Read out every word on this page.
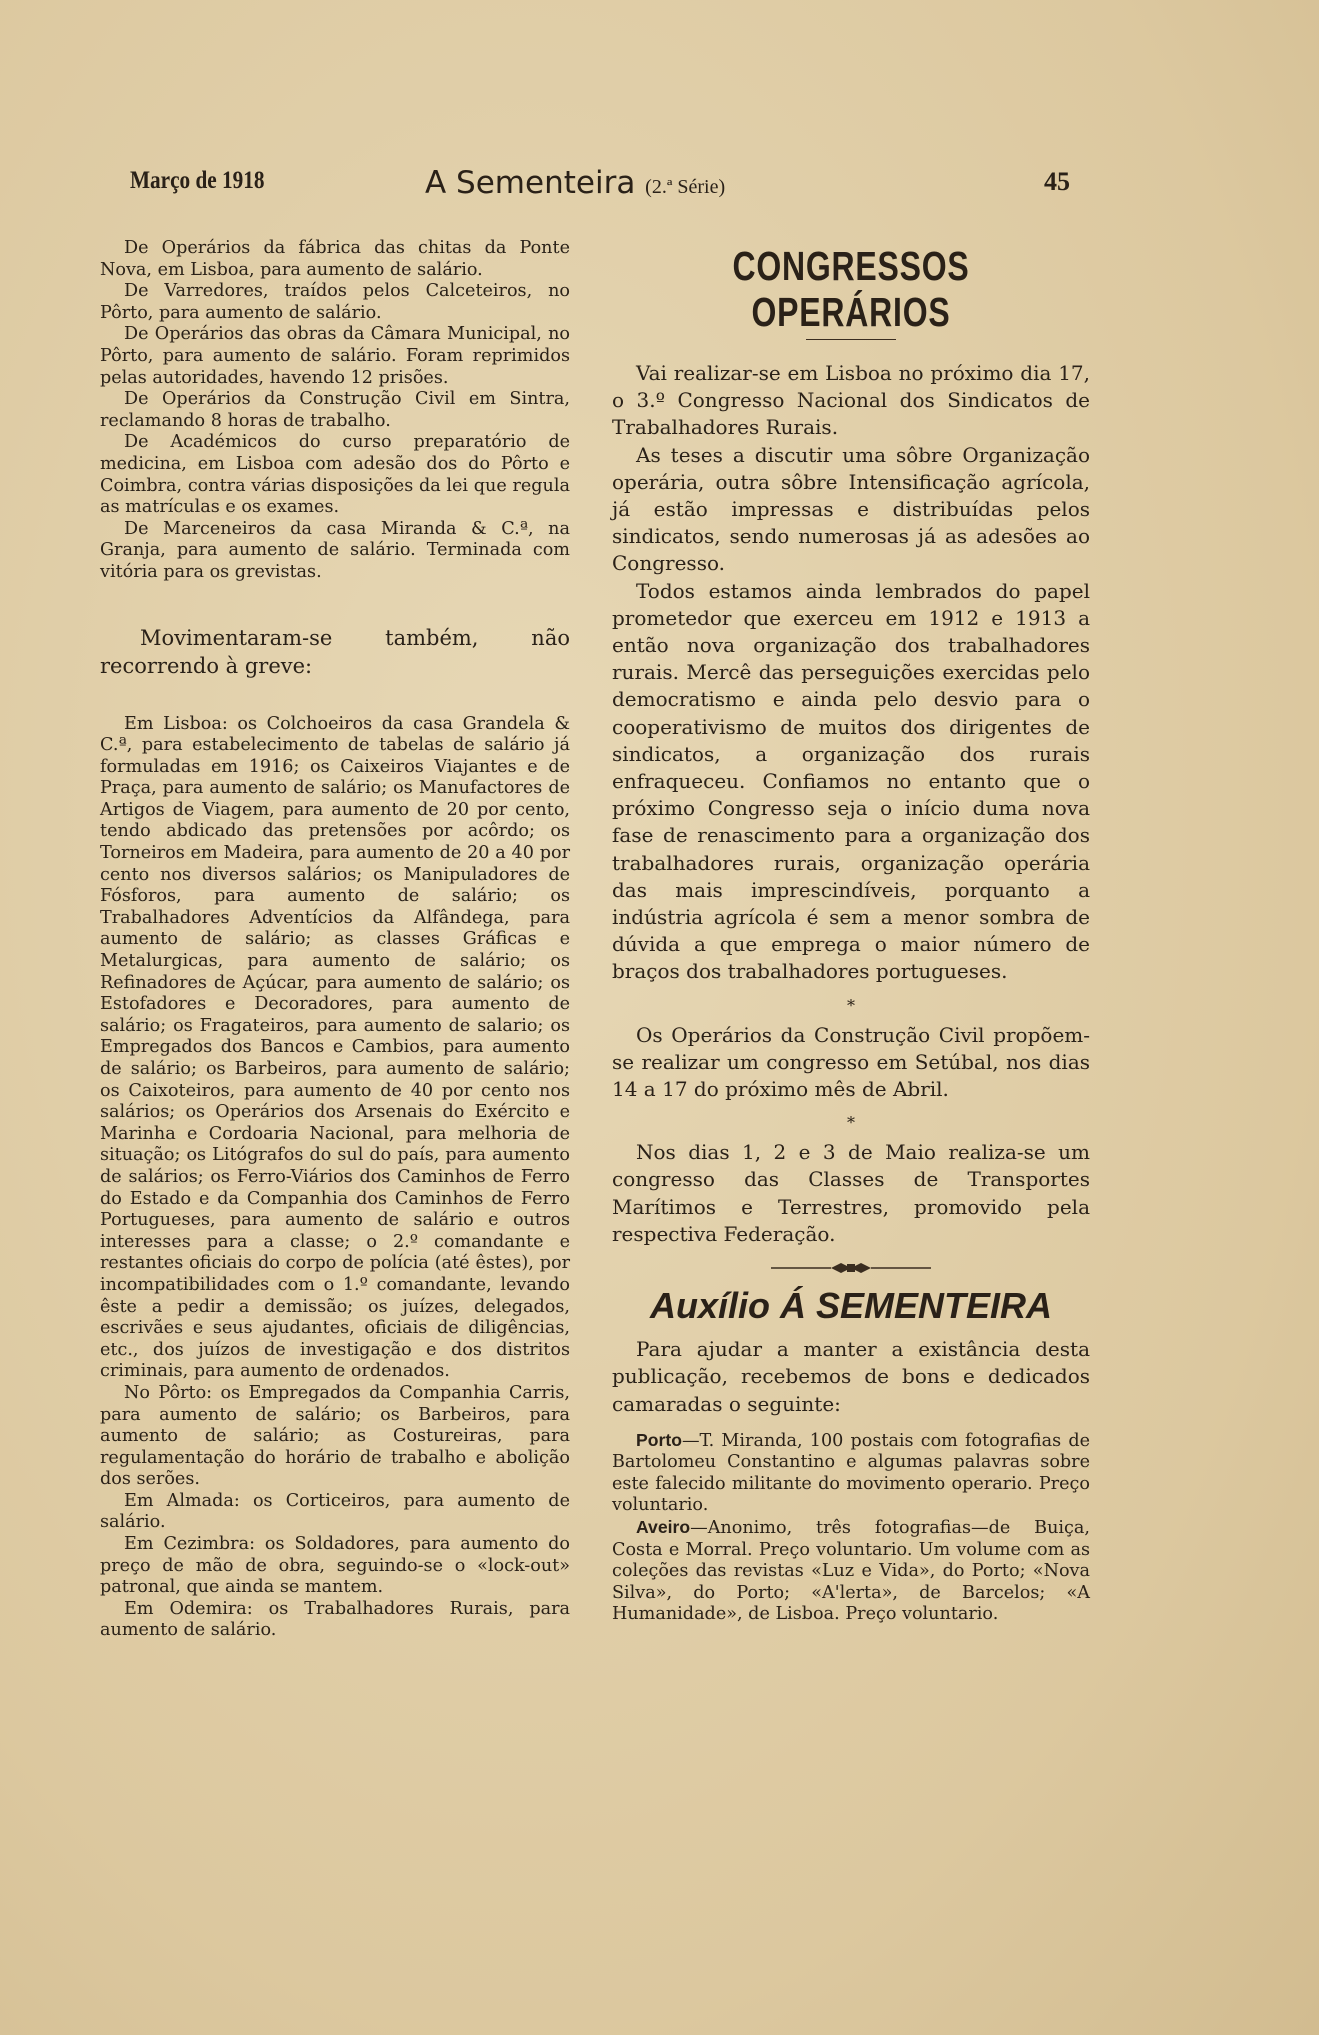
Março de 1918	A Sementeira (2.ª Série)	45

De Operários da fábrica das chitas da Ponte Nova, em Lisboa, para aumento de salário.

De Varredores, traídos pelos Calceteiros, no Pôrto, para aumento de salário.

De Operários das obras da Câmara Municipal, no Pôrto, para aumento de salário. Foram reprimidos pelas autoridades, havendo 12 prisões.

De Operários da Construção Civil em Sintra, reclamando 8 horas de trabalho.

De Académicos do curso preparatório de medicina, em Lisboa com adesão dos do Pôrto e Coimbra, contra várias disposições da lei que regula as matrículas e os exames.

De Marceneiros da casa Miranda & C.ª, na Granja, para aumento de salário. Terminada com vitória para os grevistas.

Movimentaram-se também, não recorrendo à greve:

Em Lisboa: os Colchoeiros da casa Grandela & C.ª, para estabelecimento de tabelas de salário já formuladas em 1916; os Caixeiros Viajantes e de Praça, para aumento de salário; os Manufactores de Artigos de Viagem, para aumento de 20 por cento, tendo abdicado das pretensões por acôrdo; os Torneiros em Madeira, para aumento de 20 a 40 por cento nos diversos salários; os Manipuladores de Fósforos, para aumento de salário; os Trabalhadores Adventícios da Alfândega, para aumento de salário; as classes Gráficas e Metalurgicas, para aumento de salário; os Refinadores de Açúcar, para aumento de salário; os Estofadores e Decoradores, para aumento de salário; os Fragateiros, para aumento de salario; os Empregados dos Bancos e Cambios, para aumento de salário; os Barbeiros, para aumento de salário; os Caixoteiros, para aumento de 40 por cento nos salários; os Operários dos Arsenais do Exército e Marinha e Cordoaria Nacional, para melhoria de situação; os Litógrafos do sul do país, para aumento de salários; os Ferro-Viários dos Caminhos de Ferro do Estado e da Companhia dos Caminhos de Ferro Portugueses, para aumento de salário e outros interesses para a classe; o 2.º comandante e restantes oficiais do corpo de polícia (até êstes), por incompatibilidades com o 1.º comandante, levando êste a pedir a demissão; os juízes, delegados, escrivães e seus ajudantes, oficiais de diligências, etc., dos juízos de investigação e dos distritos criminais, para aumento de ordenados.

No Pôrto: os Empregados da Companhia Carris, para aumento de salário; os Barbeiros, para aumento de salário; as Costureiras, para regulamentação do horário de trabalho e abolição dos serões.

Em Almada: os Corticeiros, para aumento de salário.

Em Cezimbra: os Soldadores, para aumento do preço de mão de obra, seguindo-se o «lock-out» patronal, que ainda se mantem.

Em Odemira: os Trabalhadores Rurais, para aumento de salário.

CONGRESSOS OPERÁRIOS

Vai realizar-se em Lisboa no próximo dia 17, o 3.º Congresso Nacional dos Sindicatos de Trabalhadores Rurais.

As teses a discutir uma sôbre Organização operária, outra sôbre Intensificação agrícola, já estão impressas e distribuídas pelos sindicatos, sendo numerosas já as adesões ao Congresso.

Todos estamos ainda lembrados do papel prometedor que exerceu em 1912 e 1913 a então nova organização dos trabalhadores rurais. Mercê das perseguições exercidas pelo democratismo e ainda pelo desvio para o cooperativismo de muitos dos dirigentes de sindicatos, a organização dos rurais enfraqueceu. Confiamos no entanto que o próximo Congresso seja o início duma nova fase de renascimento para a organização dos trabalhadores rurais, organização operária das mais imprescindíveis, porquanto a indústria agrícola é sem a menor sombra de dúvida a que emprega o maior número de braços dos trabalhadores portugueses.

*

Os Operários da Construção Civil propõem-se realizar um congresso em Setúbal, nos dias 14 a 17 do próximo mês de Abril.

*

Nos dias 1, 2 e 3 de Maio realiza-se um congresso das Classes de Transportes Marítimos e Terrestres, promovido pela respectiva Federação.

Auxílio Á SEMENTEIRA

Para ajudar a manter a existância desta publicação, recebemos de bons e dedicados camaradas o seguinte:

Porto—T. Miranda, 100 postais com fotografias de Bartolomeu Constantino e algumas palavras sobre este falecido militante do movimento operario. Preço voluntario.

Aveiro—Anonimo, três fotografias—de Buiça, Costa e Morral. Preço voluntario. Um volume com as coleções das revistas «Luz e Vida», do Porto; «Nova Silva», do Porto; «A'lerta», de Barcelos; «A Humanidade», de Lisboa. Preço voluntario.
